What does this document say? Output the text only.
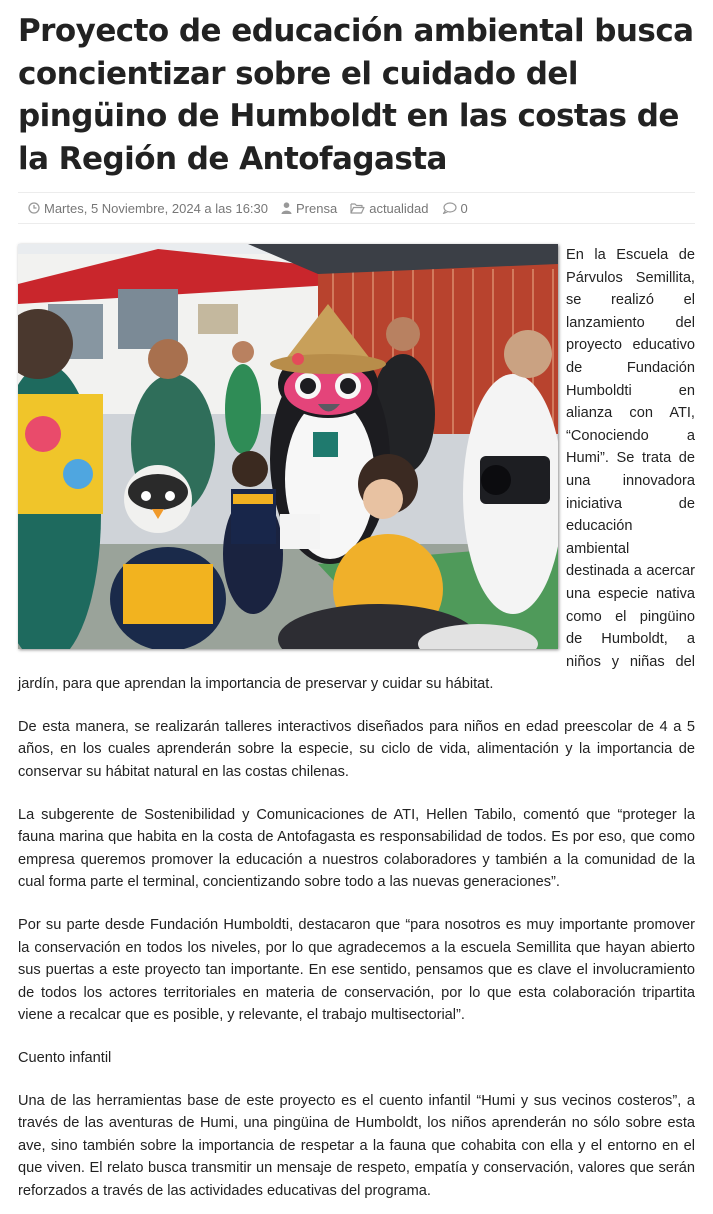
Proyecto de educación ambiental busca concientizar sobre el cuidado del pingüino de Humboldt en las costas de la Región de Antofagasta
Martes, 5 Noviembre, 2024 a las 16:30 Prensa actualidad 0

En la Escuela de Párvulos Semillita, se realizó el lanzamiento del proyecto educativo de Fundación Humboldti en alianza con ATI, “Conociendo a Humi”. Se trata de una innovadora iniciativa de educación ambiental destinada a acercar una especie nativa como el pingüino de Humboldt, a niños y niñas del jardín, para que aprendan la importancia de preservar y cuidar su hábitat.

De esta manera, se realizarán talleres interactivos diseñados para niños en edad preescolar de 4 a 5 años, en los cuales aprenderán sobre la especie, su ciclo de vida, alimentación y la importancia de conservar su hábitat natural en las costas chilenas.

La subgerente de Sostenibilidad y Comunicaciones de ATI, Hellen Tabilo, comentó que “proteger la fauna marina que habita en la costa de Antofagasta es responsabilidad de todos. Es por eso, que como empresa queremos promover la educación a nuestros colaboradores y también a la comunidad de la cual forma parte el terminal, concientizando sobre todo a las nuevas generaciones”.

Por su parte desde Fundación Humboldti, destacaron que “para nosotros es muy importante promover la conservación en todos los niveles, por lo que agradecemos a la escuela Semillita que hayan abierto sus puertas a este proyecto tan importante. En ese sentido, pensamos que es clave el involucramiento de todos los actores territoriales en materia de conservación, por lo que esta colaboración tripartita viene a recalcar que es posible, y relevante, el trabajo multisectorial”.

Cuento infantil

Una de las herramientas base de este proyecto es el cuento infantil “Humi y sus vecinos costeros”, a través de las aventuras de Humi, una pingüina de Humboldt, los niños aprenderán no sólo sobre esta ave, sino también sobre la importancia de respetar a la fauna que cohabita con ella y el entorno en el que viven. El relato busca transmitir un mensaje de respeto, empatía y conservación, valores que serán reforzados a través de las actividades educativas del programa.
